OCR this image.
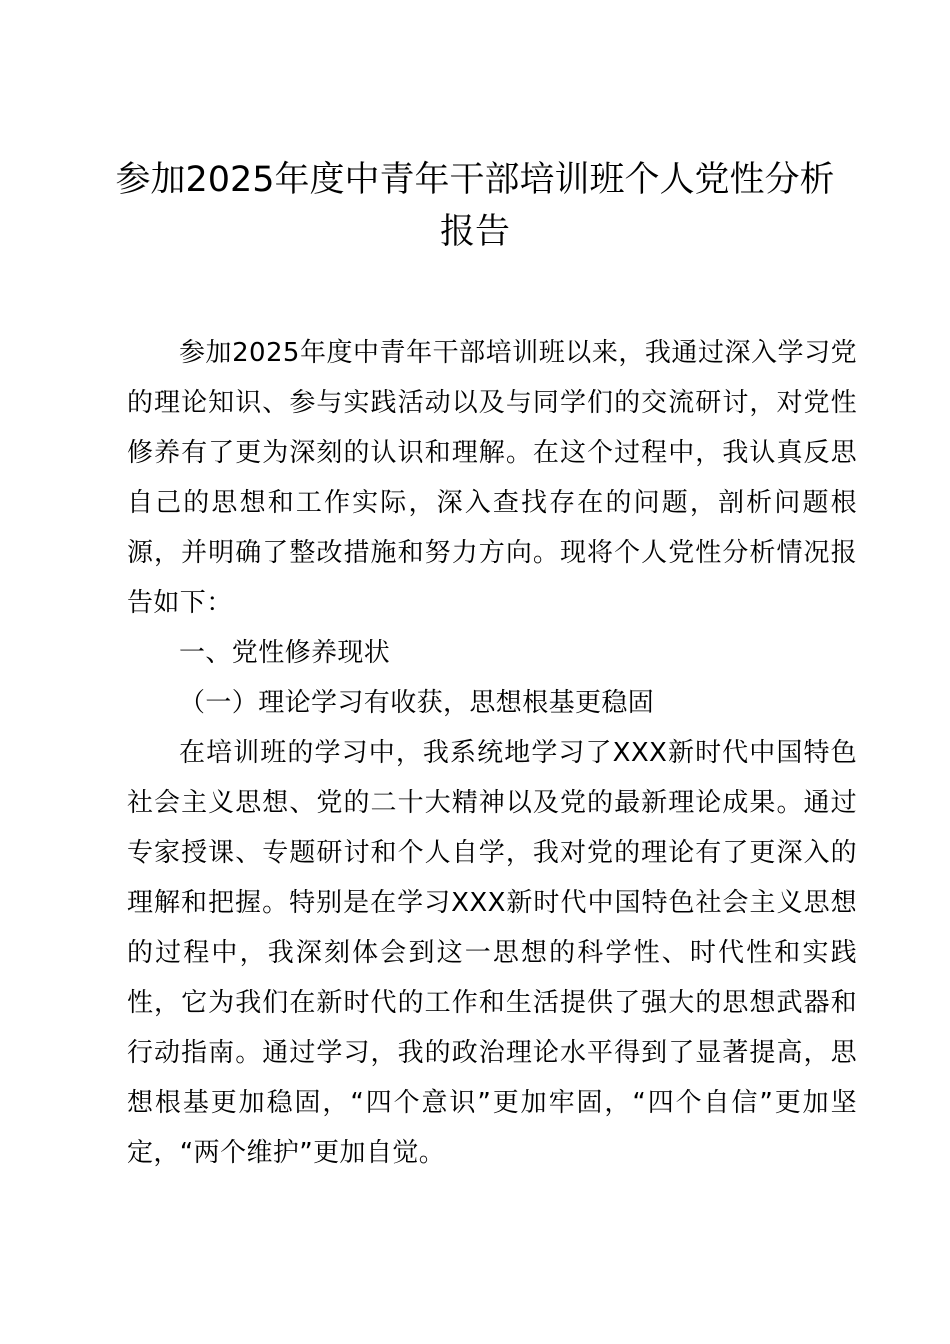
参加2025年度中青年干部培训班个人党性分析报告

参加2025年度中青年干部培训班以来，我通过深入学习党的理论知识、参与实践活动以及与同学们的交流研讨，对党性修养有了更为深刻的认识和理解。在这个过程中，我认真反思自己的思想和工作实际，深入查找存在的问题，剖析问题根源，并明确了整改措施和努力方向。现将个人党性分析情况报告如下：

一、党性修养现状

（一）理论学习有收获，思想根基更稳固

在培训班的学习中，我系统地学习了XXX新时代中国特色社会主义思想、党的二十大精神以及党的最新理论成果。通过专家授课、专题研讨和个人自学，我对党的理论有了更深入的理解和把握。特别是在学习XXX新时代中国特色社会主义思想的过程中，我深刻体会到这一思想的科学性、时代性和实践性，它为我们在新时代的工作和生活提供了强大的思想武器和行动指南。通过学习，我的政治理论水平得到了显著提高，思想根基更加稳固，“四个意识”更加牢固，“四个自信”更加坚定，“两个维护”更加自觉。
